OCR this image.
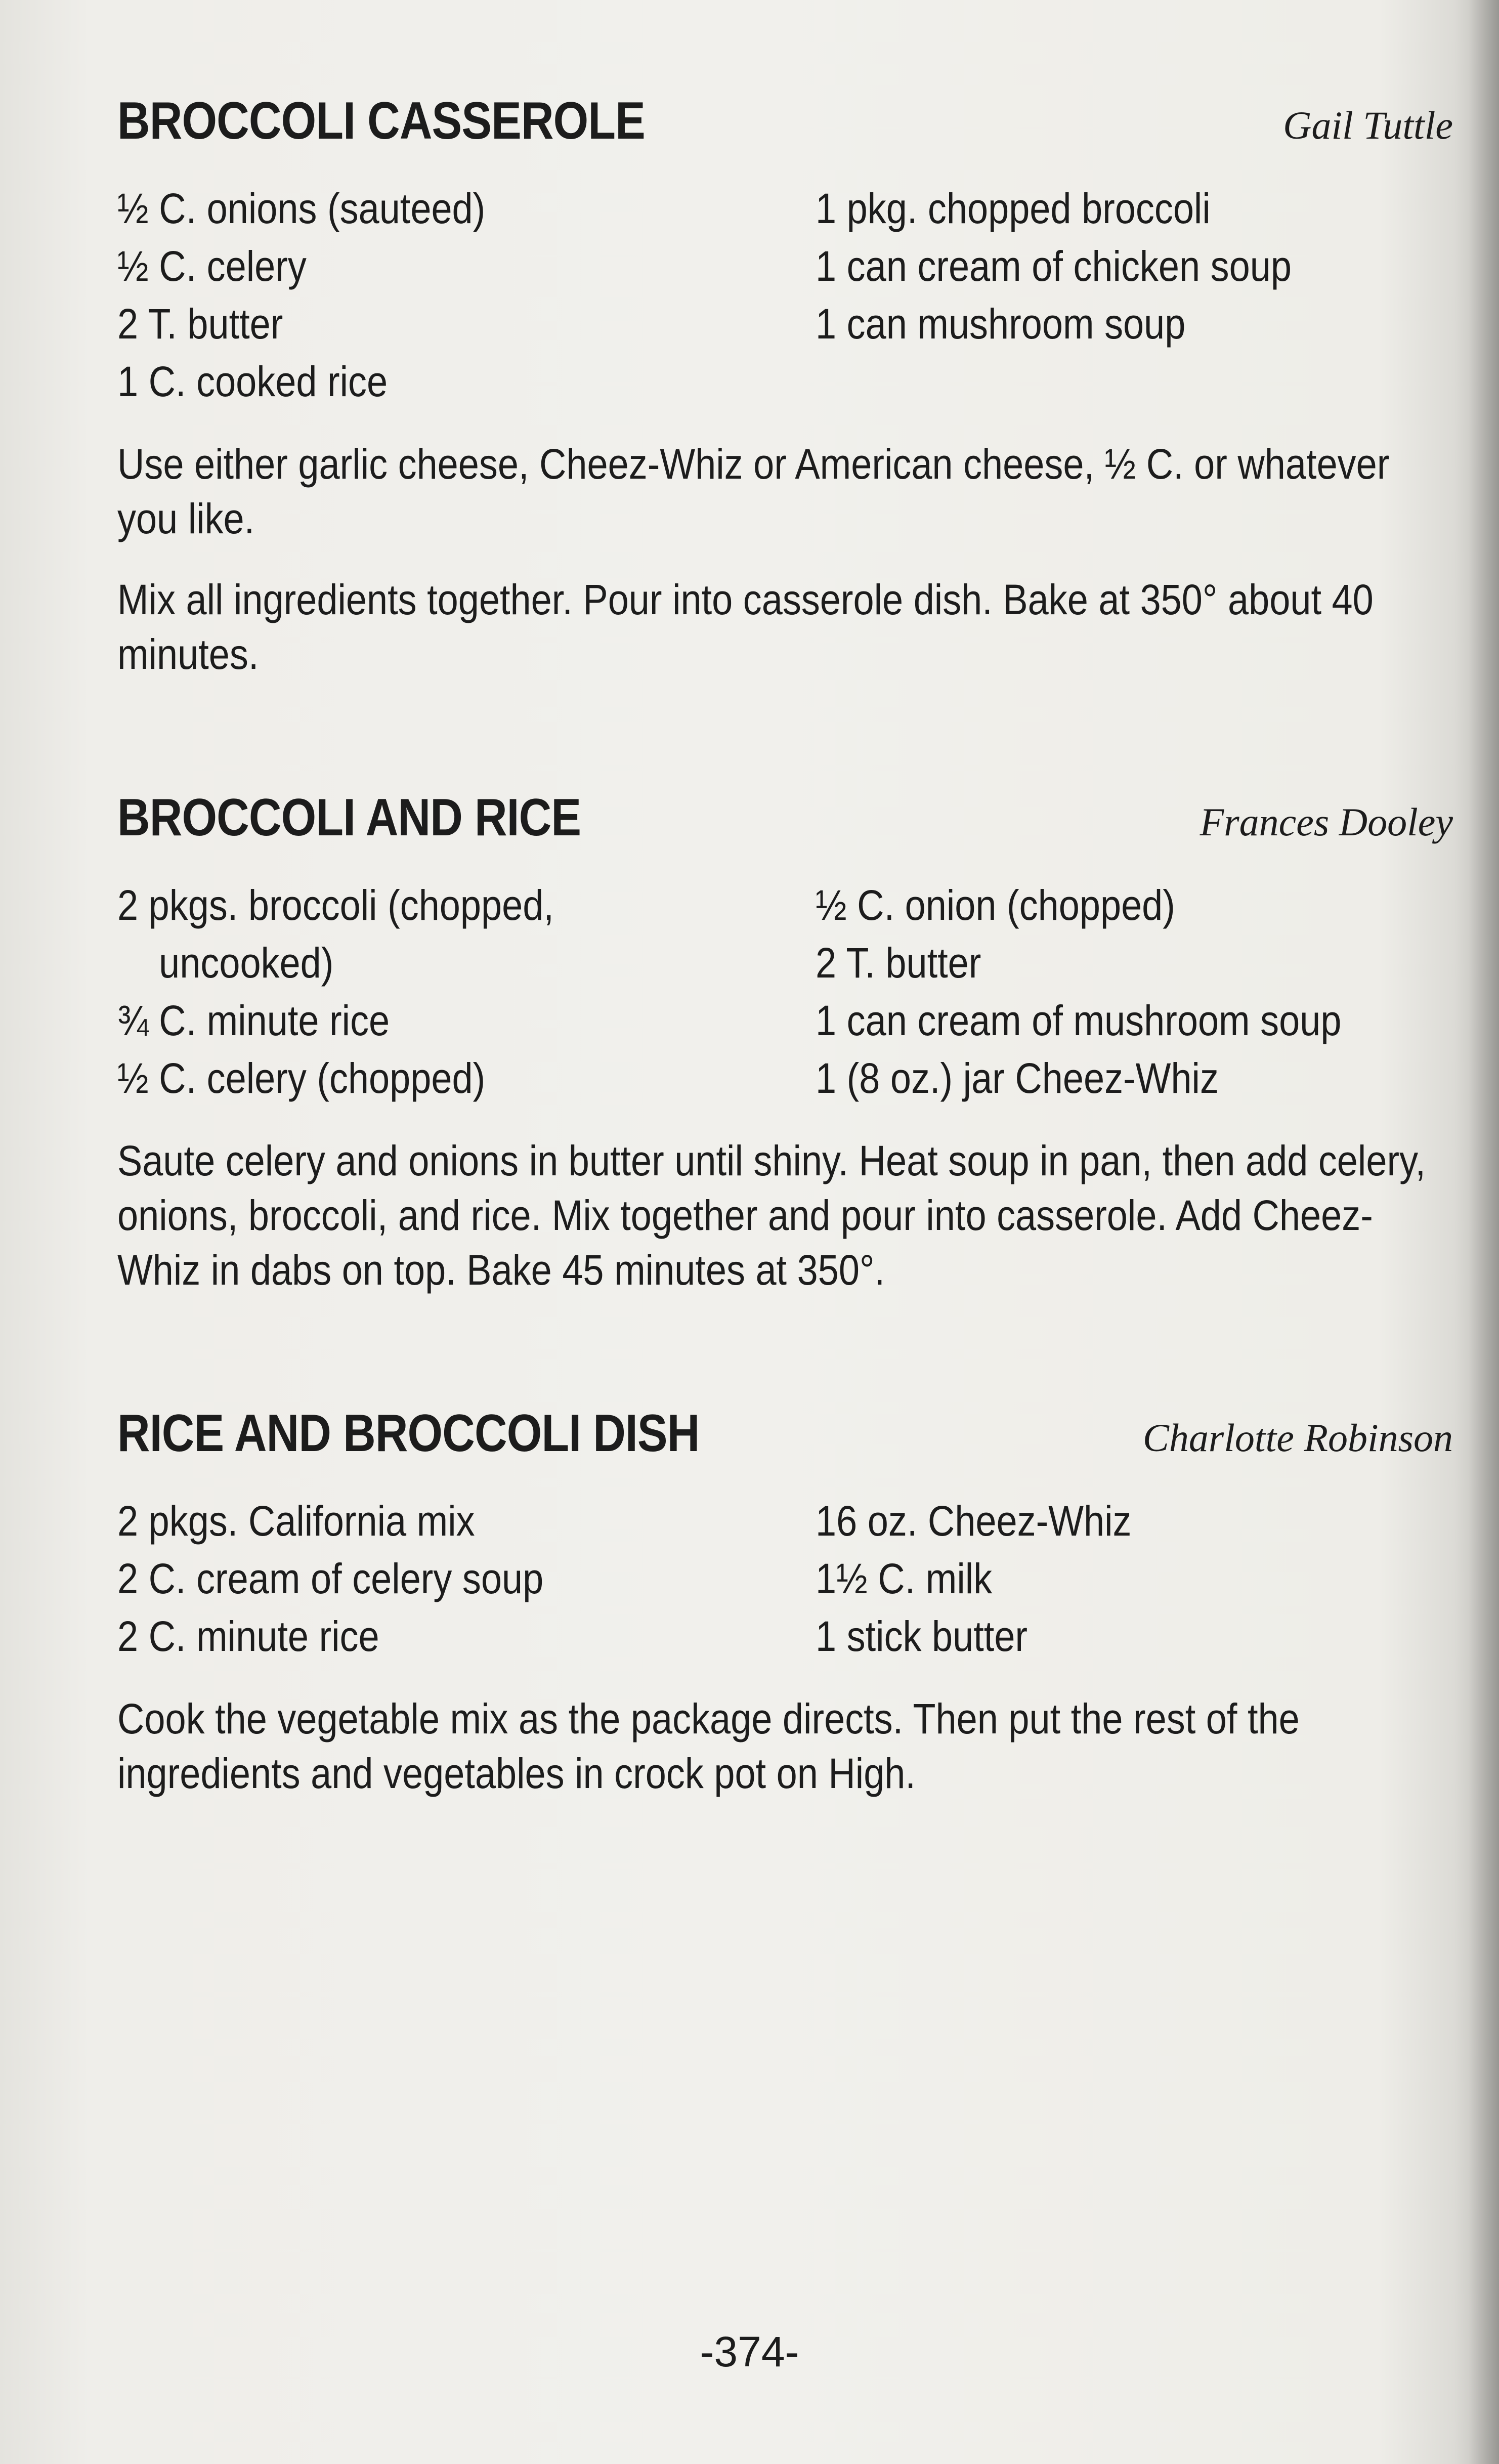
BROCCOLI CASSEROLE	Gail Tuttle
½ C. onions (sauteed)	1 pkg. chopped broccoli
½ C. celery	1 can cream of chicken soup
2 T. butter	1 can mushroom soup
1 C. cooked rice

Use either garlic cheese, Cheez-Whiz or American cheese, ½ C. or whatever you like.

Mix all ingredients together. Pour into casserole dish. Bake at 350° about 40 minutes.

BROCCOLI AND RICE	Frances Dooley
2 pkgs. broccoli (chopped,	½ C. onion (chopped)
uncooked)	2 T. butter
¾ C. minute rice	1 can cream of mushroom soup
½ C. celery (chopped)	1 (8 oz.) jar Cheez-Whiz

Saute celery and onions in butter until shiny. Heat soup in pan, then add celery, onions, broccoli, and rice. Mix together and pour into casserole. Add Cheez-Whiz in dabs on top. Bake 45 minutes at 350°.

RICE AND BROCCOLI DISH	Charlotte Robinson
2 pkgs. California mix	16 oz. Cheez-Whiz
2 C. cream of celery soup	1½ C. milk
2 C. minute rice	1 stick butter

Cook the vegetable mix as the package directs. Then put the rest of the ingredients and vegetables in crock pot on High.

-374-
